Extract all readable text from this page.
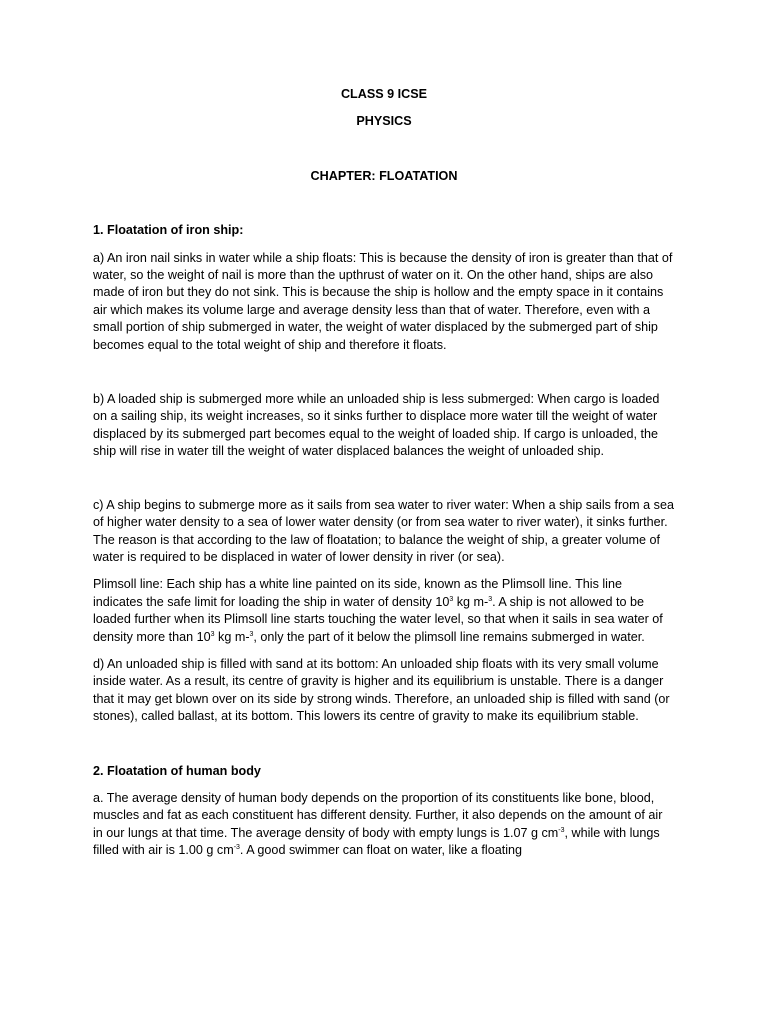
CLASS 9 ICSE

PHYSICS

CHAPTER: FLOATATION

1. Floatation of iron ship:

a) An iron nail sinks in water while a ship floats: This is because the density of iron is greater than that of water, so the weight of nail is more than the upthrust of water on it. On the other hand, ships are also made of iron but they do not sink. This is because the ship is hollow and the empty space in it contains air which makes its volume large and average density less than that of water. Therefore, even with a small portion of ship submerged in water, the weight of water displaced by the submerged part of ship becomes equal to the total weight of ship and therefore it floats.

b) A loaded ship is submerged more while an unloaded ship is less submerged: When cargo is loaded on a sailing ship, its weight increases, so it sinks further to displace more water till the weight of water displaced by its submerged part becomes equal to the weight of loaded ship. If cargo is unloaded, the ship will rise in water till the weight of water displaced balances the weight of unloaded ship.

c) A ship begins to submerge more as it sails from sea water to river water: When a ship sails from a sea of higher water density to a sea of lower water density (or from sea water to river water), it sinks further. The reason is that according to the law of floatation; to balance the weight of ship, a greater volume of water is required to be displaced in water of lower density in river (or sea).

Plimsoll line: Each ship has a white line painted on its side, known as the Plimsoll line. This line indicates the safe limit for loading the ship in water of density $10^3$ kg m-$^3$. A ship is not allowed to be loaded further when its Plimsoll line starts touching the water level, so that when it sails in sea water of density more than $10^3$ kg m-$^3$, only the part of it below the plimsoll line remains submerged in water.

d) An unloaded ship is filled with sand at its bottom: An unloaded ship floats with its very small volume inside water. As a result, its centre of gravity is higher and its equilibrium is unstable. There is a danger that it may get blown over on its side by strong winds. Therefore, an unloaded ship is filled with sand (or stones), called ballast, at its bottom. This lowers its centre of gravity to make its equilibrium stable.

2. Floatation of human body

a. The average density of human body depends on the proportion of its constituents like bone, blood, muscles and fat as each constituent has different density. Further, it also depends on the amount of air in our lungs at that time. The average density of body with empty lungs is 1.07 g $cm^{-3}$, while with lungs filled with air is 1.00 g $cm^{-3}$. A good swimmer can float on water, like a floating
